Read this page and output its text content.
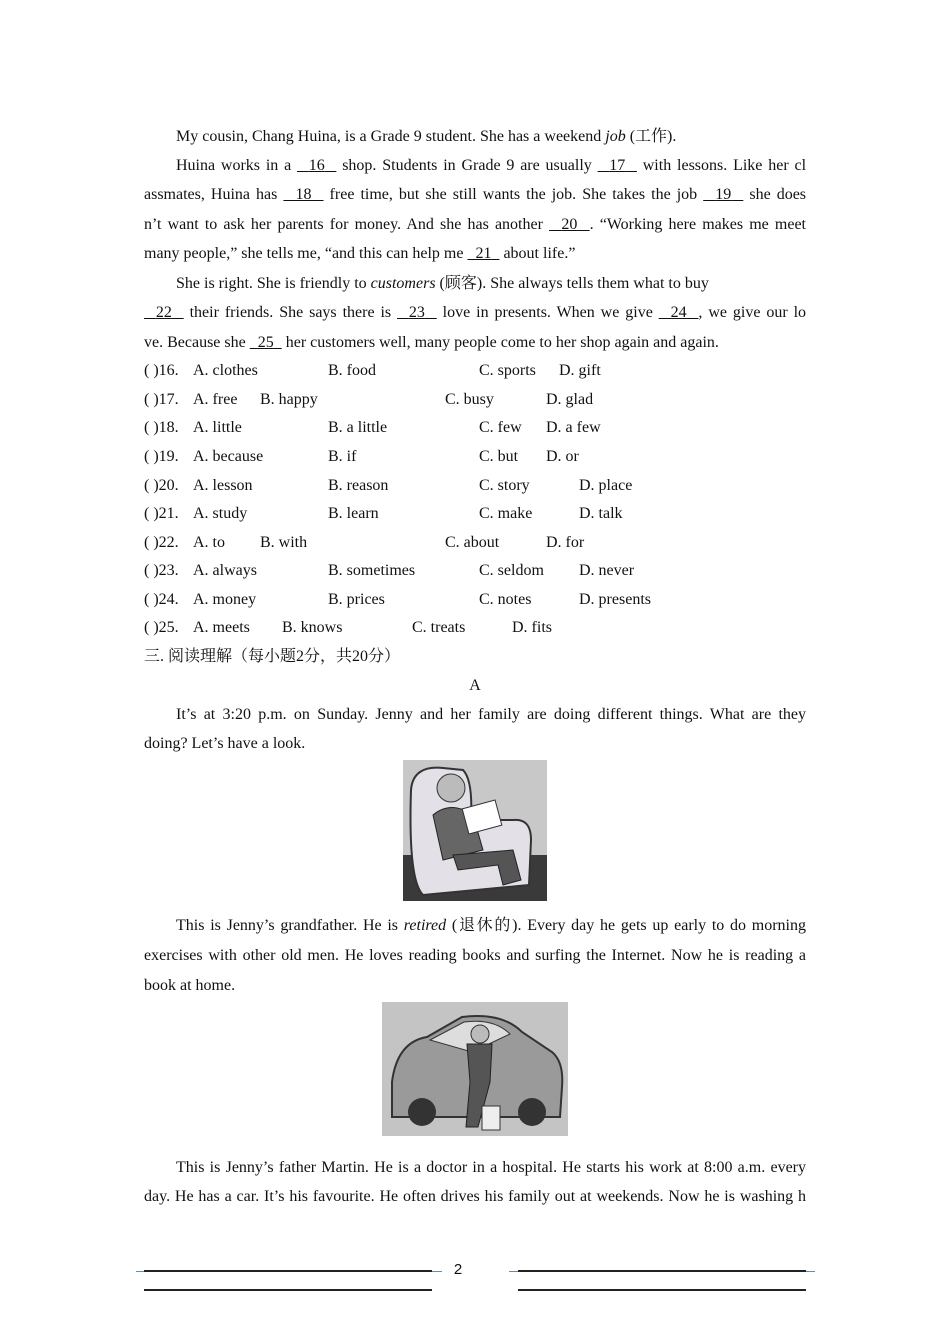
My cousin, Chang Huina, is a Grade 9 student. She has a weekend job (工作).
Huina works in a   16   shop. Students in Grade 9 are usually   17   with lessons. Like her cl
assmates, Huina has   18   free time, but she still wants the job. She takes the job   19   she does
n’t want to ask her parents for money. And she has another   20 . “Working here makes me meet
many people,” she tells me, “and this can help me   21   about life.”
She is right. She is friendly to customers (顾客). She always tells them what to buy
22   their friends. She says there is   23   love in presents. When we give   24 , we give our lo
ve. Because she   25   her customers well, many people come to her shop again and again.
( )16. A. clothes	B. food	C. sports D. gift
( )17. A. free B. happy	C. busy	D. glad
( )18. A. little	B. a little	C. few D. a few
( )19. A. because	B. if	C. but D. or
( )20. A. lesson	B. reason	C. story	D. place
( )21. A. study	B. learn	C. make	D. talk
( )22. A. to B. with	C. about	D. for
( )23. A. always	B. sometimes	C. seldom D. never
( )24. A. money	B. prices	C. notes	D. presents
( )25. A. meets B. knows	C. treats	D. fits
三. 阅读理解（每小题2分，共20分）
A
It’s at 3:20 p.m. on Sunday. Jenny and her family are doing different things. What are they
doing? Let’s have a look.
This is Jenny’s grandfather. He is retired (退休的). Every day he gets up early to do morning
exercises with other old men. He loves reading books and surfing the Internet. Now he is reading a
book at home.
This is Jenny’s father Martin. He is a doctor in a hospital. He starts his work at 8:00 a.m. every
day. He has a car. It’s his favourite. He often drives his family out at weekends. Now he is washing h
2
